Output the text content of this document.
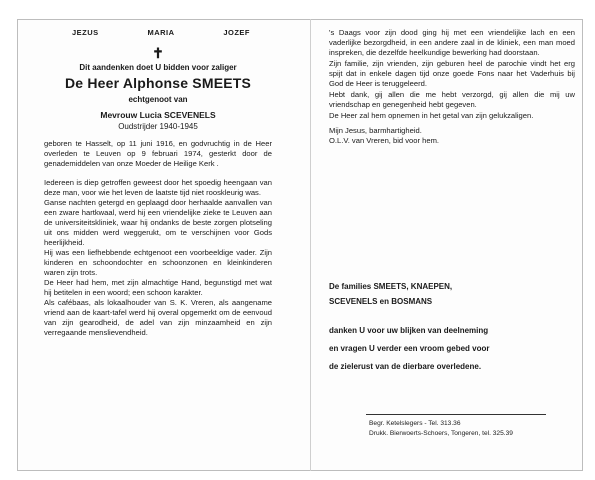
JEZUS	MARIA	JOZEF
✝
Dit aandenken doet U bidden voor zaliger
De Heer Alphonse SMEETS
echtgenoot van
Mevrouw Lucia SCEVENELS
Oudstrijder 1940-1945

geboren te Hasselt, op 11 juni 1916, en godvruchtig in de Heer overleden te Leuven op 9 februari 1974, gesterkt door de genademiddelen van onze Moeder de Heilige Kerk .

Iedereen is diep getroffen geweest door het spoedig heengaan van deze man, voor wie het leven de laatste tijd niet rooskleurig was.

Ganse nachten getergd en geplaagd door herhaalde aanvallen van een zware hartkwaal, werd hij een vriendelijke zieke te Leuven aan de universiteitskliniek, waar hij ondanks de beste zorgen plotseling uit ons midden werd weggerukt, om te verschijnen voor Gods heerlijkheid.

Hij was een liefhebbende echtgenoot een voorbeeldige vader. Zijn kinderen en schoondochter en schoonzonen en kleinkinderen waren zijn trots.

De Heer had hem, met zijn almachtige Hand, begunstigd met wat hij betitelen in een woord; een schoon karakter.

Als cafébaas, als lokaalhouder van S. K. Vreren, als aangename vriend aan de kaart-tafel werd hij overal opgemerkt om de eenvoud van zijn gearodheid, de adel van zijn minzaamheid en zijn verregaande menslievendheid.

's Daags voor zijn dood ging hij met een vriendelijke lach en een vaderlijke bezorgdheid, in een andere zaal in de kliniek, een man moed inspreken, die dezelfde heelkundige bewerking had doorstaan.

Zijn familie, zijn vrienden, zijn geburen heel de parochie vindt het erg spijt dat in enkele dagen tijd onze goede Fons naar het Vaderhuis bij God de Heer is teruggeleerd.

Hebt dank, gij allen die me hebt verzorgd, gij allen die mij uw vriendschap en genegenheid hebt gegeven.

De Heer zal hem opnemen in het getal van zijn gelukzaligen.

Mijn Jesus, barmhartigheid.

O.L.V. van Vreren, bid voor hem.

De families SMEETS, KNAEPEN,
SCEVENELS en BOSMANS
danken U voor uw blijken van deelneming
en vragen U verder een vroom gebed voor
de zielerust van de dierbare overledene.
Begr. Ketelslegers - Tel. 313.36
Drukk. Bierwoerts-Schoers, Tongeren, tel. 325.39
